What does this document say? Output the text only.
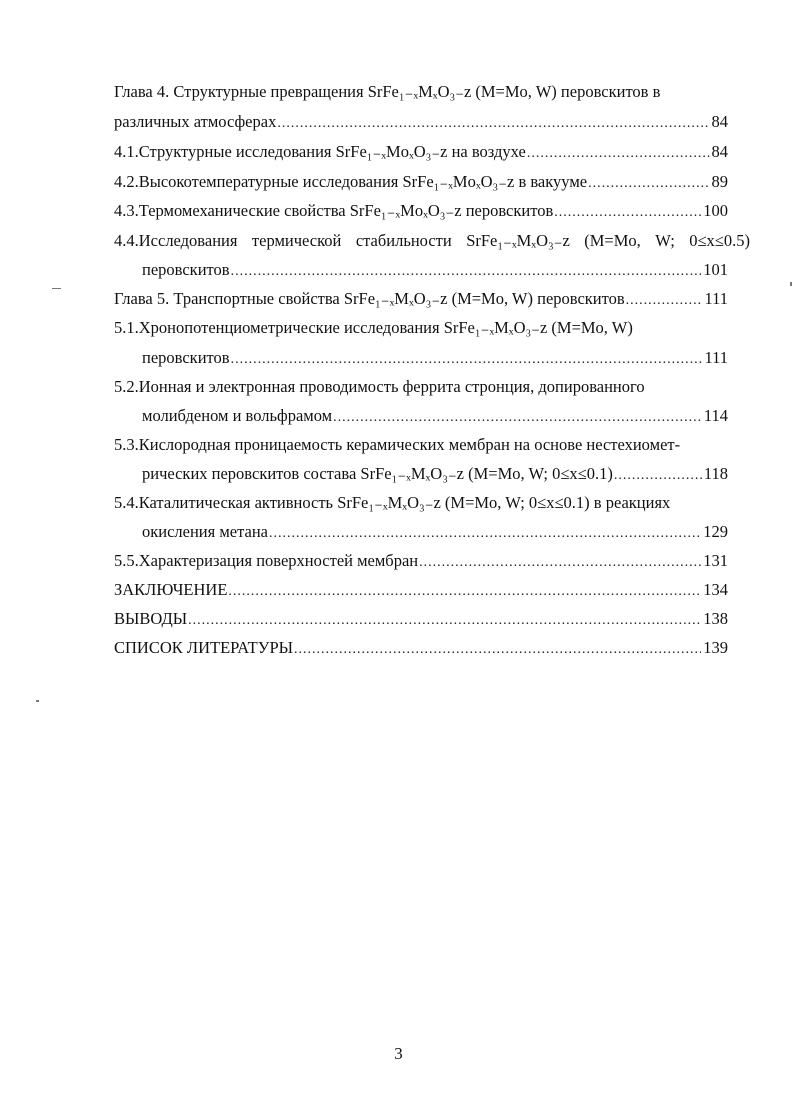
Глава 4. Структурные превращения SrFe₁₋ₓMₓO₃₋z (M=Mo, W) перовскитов в
различных атмосферах .....	84
4.1.Структурные исследования SrFe₁₋ₓMoₓO₃₋z на воздухе .....	84
4.2.Высокотемпературные исследования SrFe₁₋ₓMoₓO₃₋z в вакууме .....	89
4.3.Термомеханические свойства SrFe₁₋ₓMoₓO₃₋z перовскитов .....	100
4.4.Исследования термической стабильности SrFe₁₋ₓMₓO₃₋z (M=Mo, W; 0≤x≤0.5)
перовскитов .....	101
Глава 5. Транспортные свойства SrFe₁₋ₓMₓO₃₋z (M=Mo, W) перовскитов .....	111
5.1.Хронопотенциометрические исследования SrFe₁₋ₓMₓO₃₋z (M=Mo, W)
перовскитов .....	111
5.2.Ионная и электронная проводимость феррита стронция, допированного
молибденом и вольфрамом .....	114
5.3.Кислородная проницаемость керамических мембран на основе нестехиомет-
рических перовскитов состава SrFe₁₋ₓMₓO₃₋z (M=Mo, W; 0≤x≤0.1) .....	118
5.4.Каталитическая активность SrFe₁₋ₓMₓO₃₋z (M=Mo, W; 0≤x≤0.1) в реакциях
окисления метана .....	129
5.5.Характеризация поверхностей мембран .....	131
ЗАКЛЮЧЕНИЕ .....	134
ВЫВОДЫ .....	138
СПИСОК ЛИТЕРАТУРЫ .....	139
3
